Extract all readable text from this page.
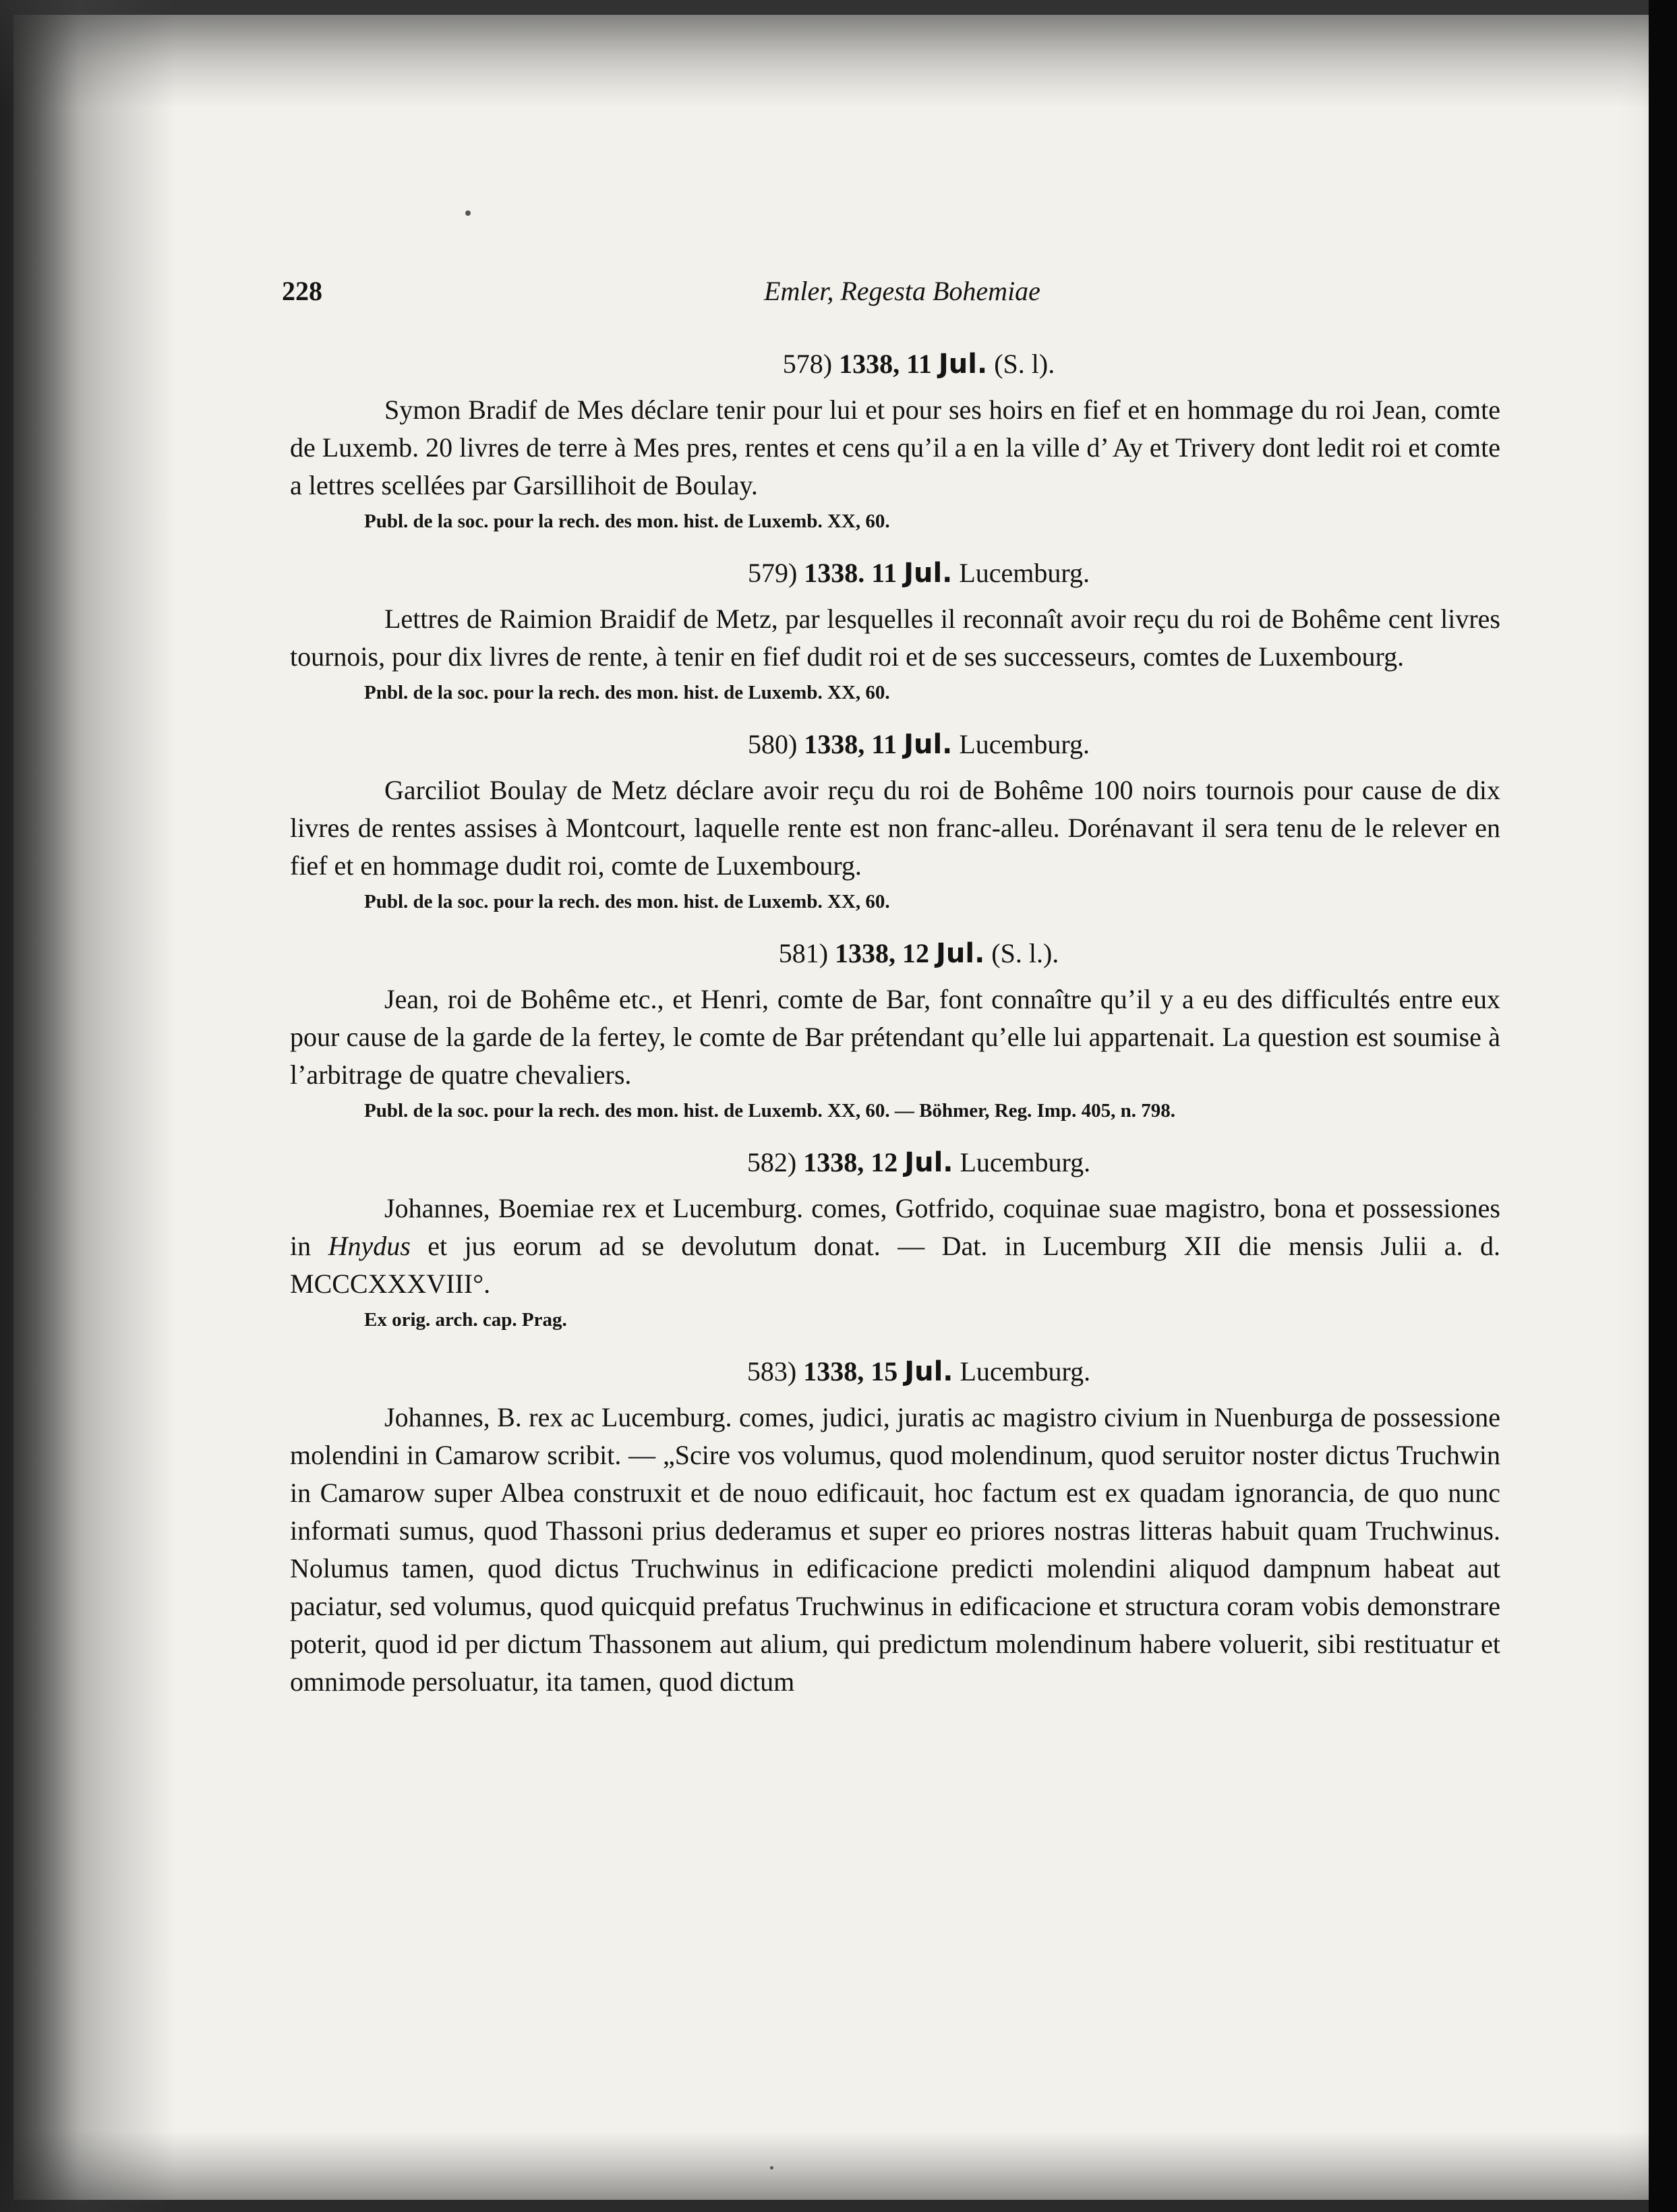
228	Emler, Regesta Bohemiae
578) 1338, 11 Jul. (S. l).
Symon Bradif de Mes déclare tenir pour lui et pour ses hoirs en fief et en hommage du roi Jean, comte de Luxemb. 20 livres de terre à Mes pres, rentes et cens qu’il a en la ville d’ Ay et Trivery dont ledit roi et comte a lettres scellées par Garsillihoit de Boulay.
Publ. de la soc. pour la rech. des mon. hist. de Luxemb. XX, 60.
579) 1338. 11 Jul. Lucemburg.
Lettres de Raimion Braidif de Metz, par lesquelles il reconnaît avoir reçu du roi de Bohême cent livres tournois, pour dix livres de rente, à tenir en fief dudit roi et de ses successeurs, comtes de Luxembourg.
Pnbl. de la soc. pour la rech. des mon. hist. de Luxemb. XX, 60.
580) 1338, 11 Jul. Lucemburg.
Garciliot Boulay de Metz déclare avoir reçu du roi de Bohême 100 noirs tournois pour cause de dix livres de rentes assises à Montcourt, laquelle rente est non franc-alleu. Dorénavant il sera tenu de le relever en fief et en hommage dudit roi, comte de Luxembourg.
Publ. de la soc. pour la rech. des mon. hist. de Luxemb. XX, 60.
581) 1338, 12 Jul. (S. l.).
Jean, roi de Bohême etc., et Henri, comte de Bar, font connaître qu’il y a eu des difficultés entre eux pour cause de la garde de la fertey, le comte de Bar prétendant qu’elle lui appartenait. La question est soumise à l’arbitrage de quatre chevaliers.
Publ. de la soc. pour la rech. des mon. hist. de Luxemb. XX, 60. — Böhmer, Reg. Imp. 405, n. 798.
582) 1338, 12 Jul. Lucemburg.
Johannes, Boemiae rex et Lucemburg. comes, Gotfrido, coquinae suae magistro, bona et possessiones in Hnydus et jus eorum ad se devolutum donat. — Dat. in Lucemburg XII die mensis Julii a. d. MCCCXXXVIII°.
Ex orig. arch. cap. Prag.
583) 1338, 15 Jul. Lucemburg.
Johannes, B. rex ac Lucemburg. comes, judici, juratis ac magistro civium in Nuenburga de possessione molendini in Camarow scribit. — „Scire vos volumus, quod molendinum, quod seruitor noster dictus Truchwin in Camarow super Albea construxit et de nouo edificauit, hoc factum est ex quadam ignorancia, de quo nunc informati sumus, quod Thassoni prius dederamus et super eo priores nostras litteras habuit quam Truchwinus. Nolumus tamen, quod dictus Truchwinus in edificacione predicti molendini aliquod dampnum habeat aut paciatur, sed volumus, quod quicquid prefatus Truchwinus in edificacione et structura coram vobis demonstrare poterit, quod id per dictum Thassonem aut alium, qui predictum molendinum habere voluerit, sibi restituatur et omnimode persoluatur, ita tamen, quod dictum
